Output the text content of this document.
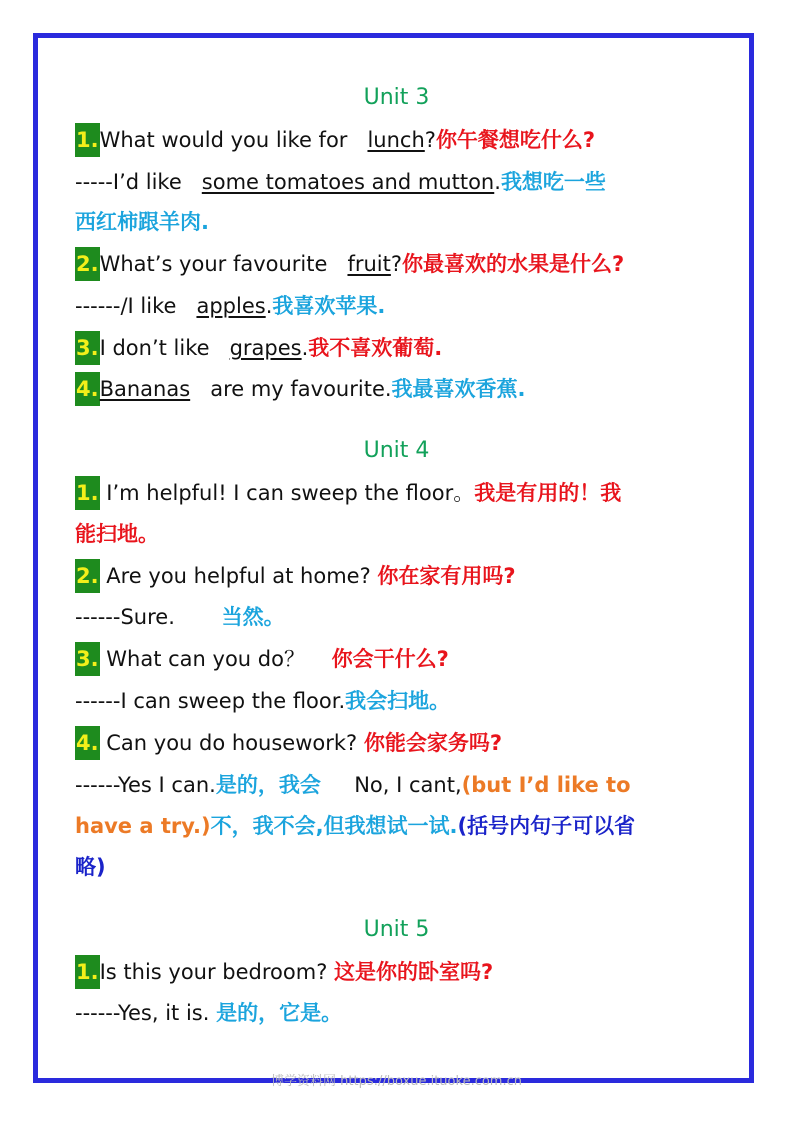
Unit 3
1.What would you like for lunch?你午餐想吃什么?
-----I’d like some tomatoes and mutton.我想吃一些
西红柿跟羊肉.
2.What’s your favourite fruit?你最喜欢的水果是什么?
------/I like apples.我喜欢苹果.
3.I don’t like grapes.我不喜欢葡萄.
4.Bananas are my favourite.我最喜欢香蕉.
Unit 4
1. I’m helpful! I can sweep the floor。我是有用的！我
能扫地。
2. Are you helpful at home? 你在家有用吗?
------Sure. 当然。
3. What can you do？ 你会干什么?
------I can sweep the floor.我会扫地。
4. Can you do housework? 你能会家务吗?
------Yes I can.是的，我会 No, I cant,(but I’d like to
have a try.)不，我不会,但我想试一试.(括号内句子可以省
略)
Unit 5
1.Is this your bedroom? 这是你的卧室吗?
------Yes, it is. 是的，它是。
博学资料网 https://boxue.ituoke.com.cn
